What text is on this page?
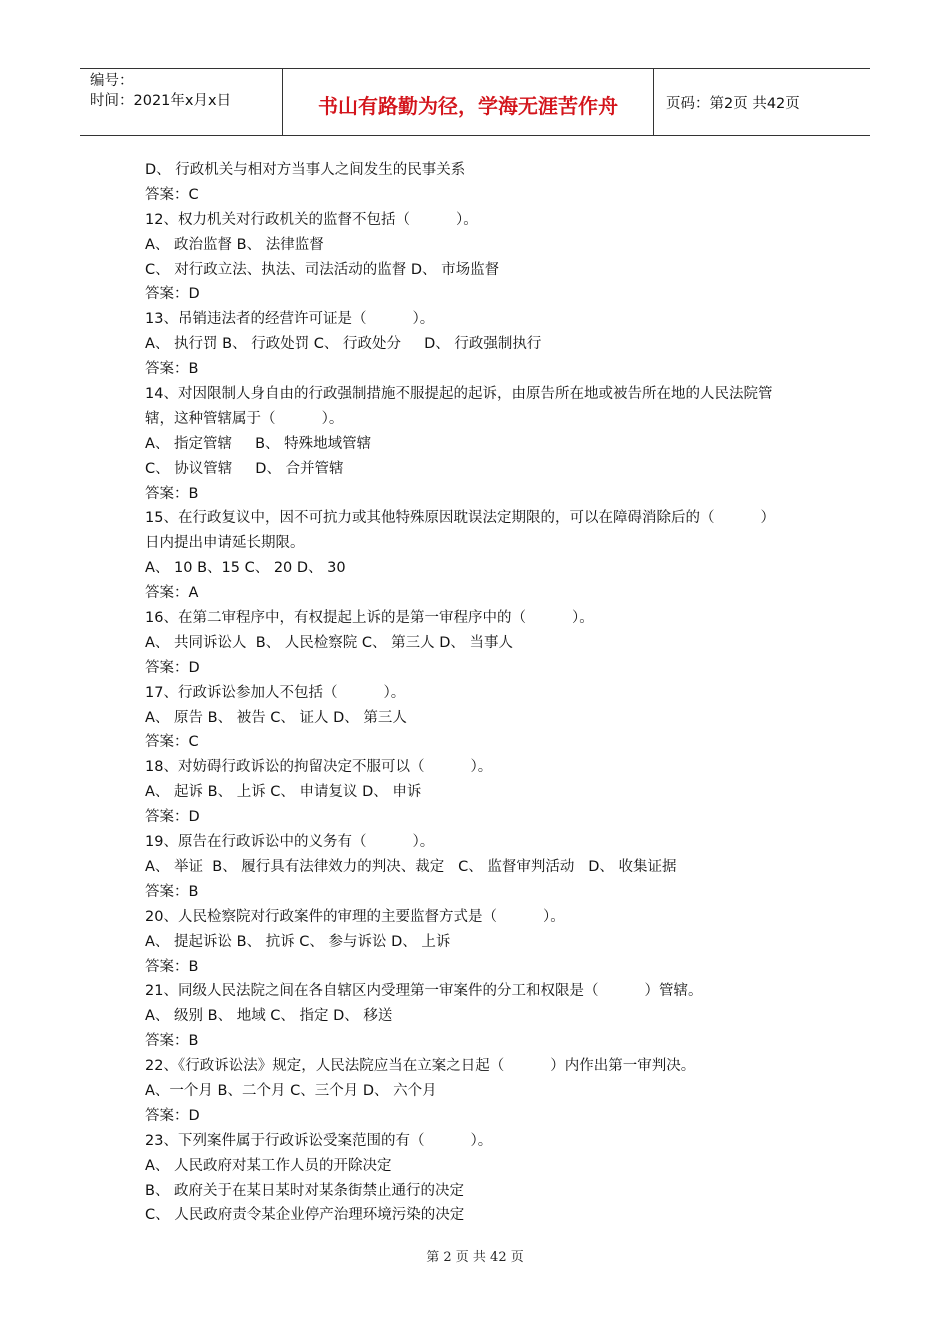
编号：
时间：2021年x月x日	书山有路勤为径，学海无涯苦作舟	页码：第2页 共42页
D、 行政机关与相对方当事人之间发生的民事关系
答案：C
12、权力机关对行政机关的监督不包括（          ）。
A、 政治监督 B、 法律监督
C、 对行政立法、执法、司法活动的监督 D、 市场监督
答案：D
13、吊销违法者的经营许可证是（          ）。
A、 执行罚 B、 行政处罚 C、 行政处分     D、 行政强制执行
答案：B
14、对因限制人身自由的行政强制措施不服提起的起诉，由原告所在地或被告所在地的人民法院管
辖，这种管辖属于（          ）。
A、 指定管辖     B、 特殊地域管辖
C、 协议管辖     D、 合并管辖
答案：B
15、在行政复议中，因不可抗力或其他特殊原因耽误法定期限的，可以在障碍消除后的（          ）
日内提出申请延长期限。
A、 10 B、15 C、 20 D、 30
答案：A
16、在第二审程序中，有权提起上诉的是第一审程序中的（          ）。
A、 共同诉讼人  B、 人民检察院 C、 第三人 D、 当事人
答案：D
17、行政诉讼参加人不包括（          ）。
A、 原告 B、 被告 C、 证人 D、 第三人
答案：C
18、对妨碍行政诉讼的拘留决定不服可以（          ）。
A、 起诉 B、 上诉 C、 申请复议 D、 申诉
答案：D
19、原告在行政诉讼中的义务有（          ）。
A、 举证  B、 履行具有法律效力的判决、裁定   C、 监督审判活动   D、 收集证据
答案：B
20、人民检察院对行政案件的审理的主要监督方式是（          ）。
A、 提起诉讼 B、 抗诉 C、 参与诉讼 D、 上诉
答案：B
21、同级人民法院之间在各自辖区内受理第一审案件的分工和权限是（          ）管辖。
A、 级别 B、 地域 C、 指定 D、 移送
答案：B
22、《行政诉讼法》规定，人民法院应当在立案之日起（          ）内作出第一审判决。
A、一个月 B、二个月 C、三个月 D、 六个月
答案：D
23、下列案件属于行政诉讼受案范围的有（          ）。
A、 人民政府对某工作人员的开除决定
B、 政府关于在某日某时对某条街禁止通行的决定
C、 人民政府责令某企业停产治理环境污染的决定
第 2 页 共 42 页
